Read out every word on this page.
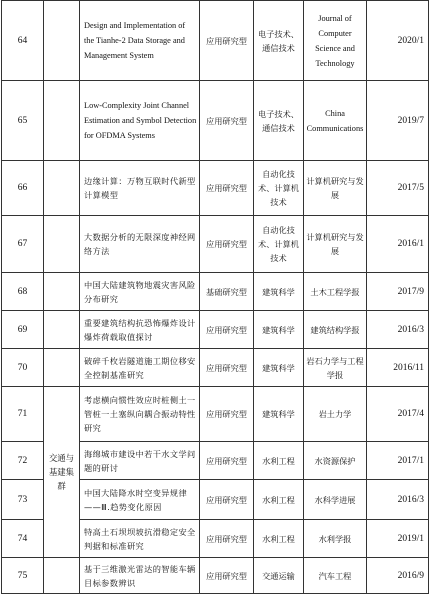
64		Design and Implementation of the Tianhe-2 Data Storage and Management System	应用研究型	电子技术、通信技术	Journal of Computer Science and Technology	2020/1
65		Low-Complexity Joint Channel Estimation and Symbol Detection for OFDMA Systems	应用研究型	电子技术、通信技术	China Communications	2019/7
66		边缘计算：万物互联时代新型计算模型	应用研究型	自动化技术、计算机技术	计算机研究与发展	2017/5
67		大数据分析的无限深度神经网络方法	应用研究型	自动化技术、计算机技术	计算机研究与发展	2016/1
68		中国大陆建筑物地震灾害风险分布研究	基础研究型	建筑科学	土木工程学报	2017/9
69		重要建筑结构抗恐怖爆炸设计爆炸荷载取值探讨	应用研究型	建筑科学	建筑结构学报	2016/3
70		破碎千枚岩隧道施工期位移安全控制基准研究	应用研究型	建筑科学	岩石力学与工程学报	2016/11
71	交通与基建集群	考虑横向惯性效应时桩侧土一管桩一土塞纵向耦合振动特性研究	应用研究型	建筑科学	岩土力学	2017/4
72		海绵城市建设中若干水文学问题的研讨	应用研究型	水利工程	水资源保护	2017/1
73		中国大陆降水时空变异规律——Ⅲ.趋势变化原因	应用研究型	水利工程	水科学进展	2016/3
74		特高土石坝坝坡抗滑稳定安全判据和标准研究	应用研究型	水利工程	水利学报	2019/1
75		基于三维激光雷达的智能车辆目标参数辨识	应用研究型	交通运输	汽车工程	2016/9
